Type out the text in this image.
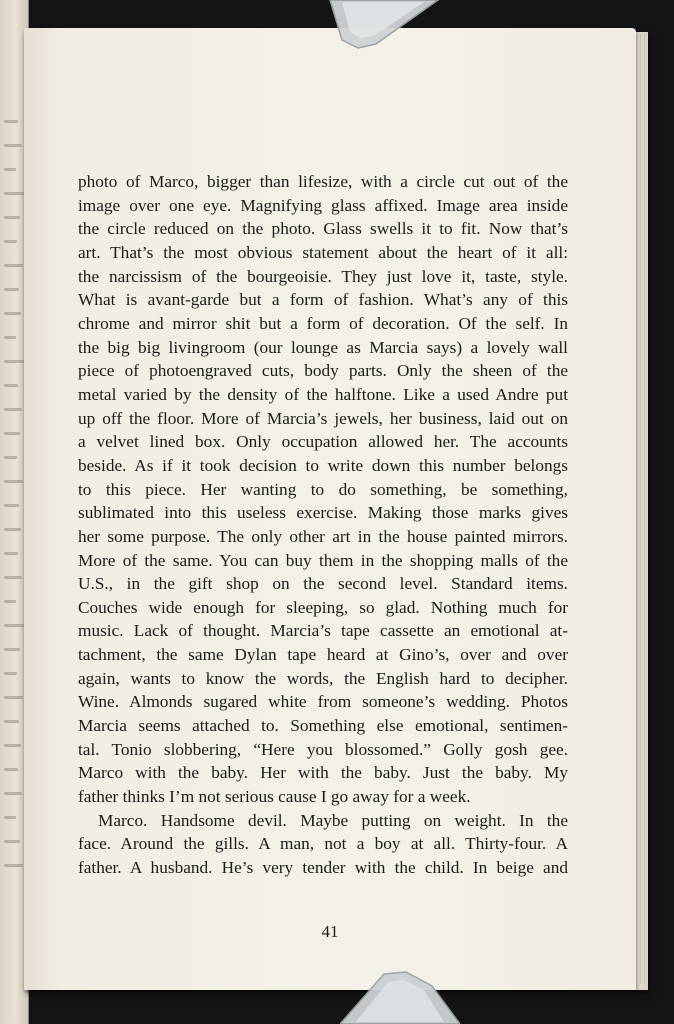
photo of Marco, bigger than lifesize, with a circle cut out of the
image over one eye. Magnifying glass affixed. Image area inside
the circle reduced on the photo. Glass swells it to fit. Now that’s
art. That’s the most obvious statement about the heart of it all:
the narcissism of the bourgeoisie. They just love it, taste, style.
What is avant-garde but a form of fashion. What’s any of this
chrome and mirror shit but a form of decoration. Of the self. In
the big big livingroom (our lounge as Marcia says) a lovely wall
piece of photoengraved cuts, body parts. Only the sheen of the
metal varied by the density of the halftone. Like a used Andre put
up off the floor. More of Marcia’s jewels, her business, laid out on
a velvet lined box. Only occupation allowed her. The accounts
beside. As if it took decision to write down this number belongs
to this piece. Her wanting to do something, be something,
sublimated into this useless exercise. Making those marks gives
her some purpose. The only other art in the house painted mirrors.
More of the same. You can buy them in the shopping malls of the
U.S., in the gift shop on the second level. Standard items.
Couches wide enough for sleeping, so glad. Nothing much for
music. Lack of thought. Marcia’s tape cassette an emotional at-
tachment, the same Dylan tape heard at Gino’s, over and over
again, wants to know the words, the English hard to decipher.
Wine. Almonds sugared white from someone’s wedding. Photos
Marcia seems attached to. Something else emotional, sentimen-
tal. Tonio slobbering, “Here you blossomed.” Golly gosh gee.
Marco with the baby. Her with the baby. Just the baby. My
father thinks I’m not serious cause I go away for a week.
Marco. Handsome devil. Maybe putting on weight. In the
face. Around the gills. A man, not a boy at all. Thirty-four. A
father. A husband. He’s very tender with the child. In beige and
41
